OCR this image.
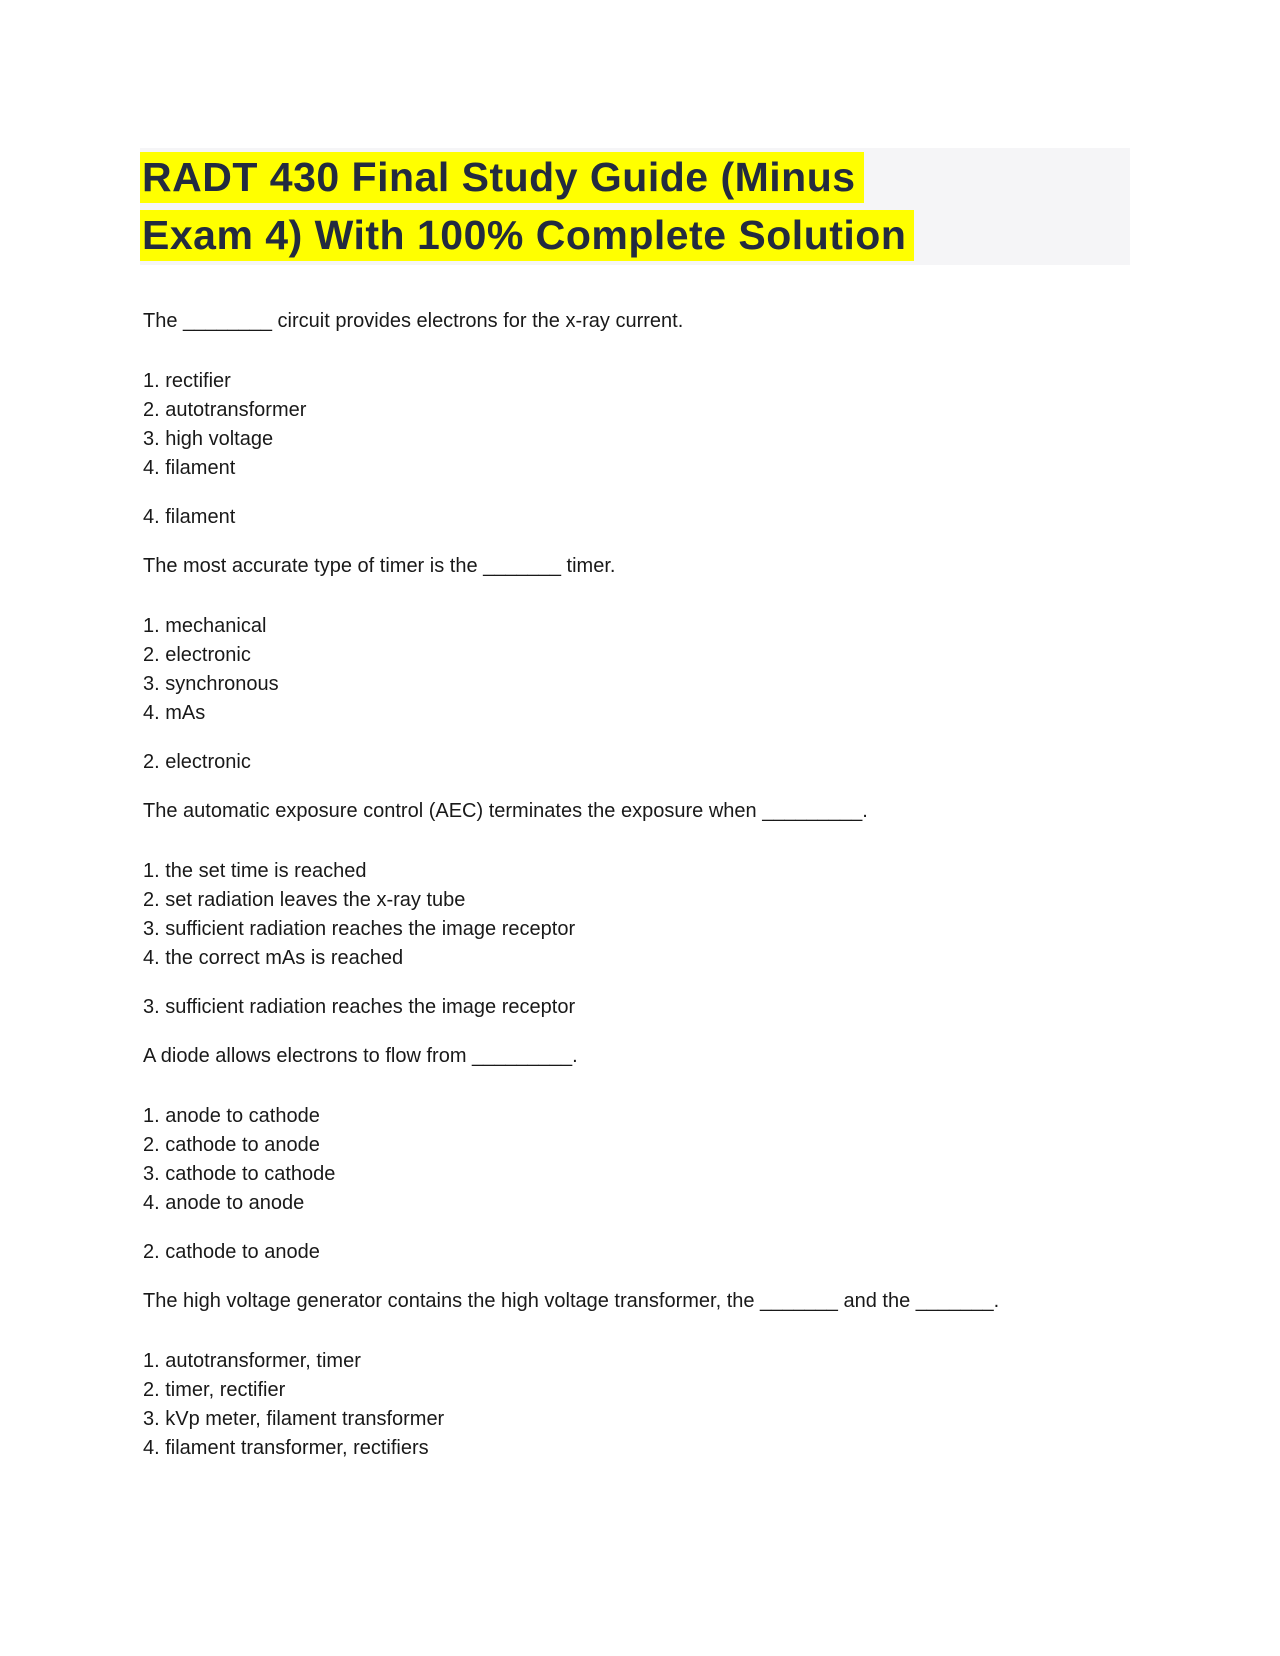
RADT 430 Final Study Guide (Minus
Exam 4) With 100% Complete Solution

The ________ circuit provides electrons for the x-ray current.

1. rectifier

2. autotransformer

3. high voltage

4. filament

4. filament

The most accurate type of timer is the _______ timer.

1. mechanical

2. electronic

3. synchronous

4. mAs

2. electronic

The automatic exposure control (AEC) terminates the exposure when _________.

1. the set time is reached

2. set radiation leaves the x-ray tube

3. sufficient radiation reaches the image receptor

4. the correct mAs is reached

3. sufficient radiation reaches the image receptor

A diode allows electrons to flow from _________.

1. anode to cathode

2. cathode to anode

3. cathode to cathode

4. anode to anode

2. cathode to anode

The high voltage generator contains the high voltage transformer, the _______ and the _______.

1. autotransformer, timer

2. timer, rectifier

3. kVp meter, filament transformer

4. filament transformer, rectifiers
